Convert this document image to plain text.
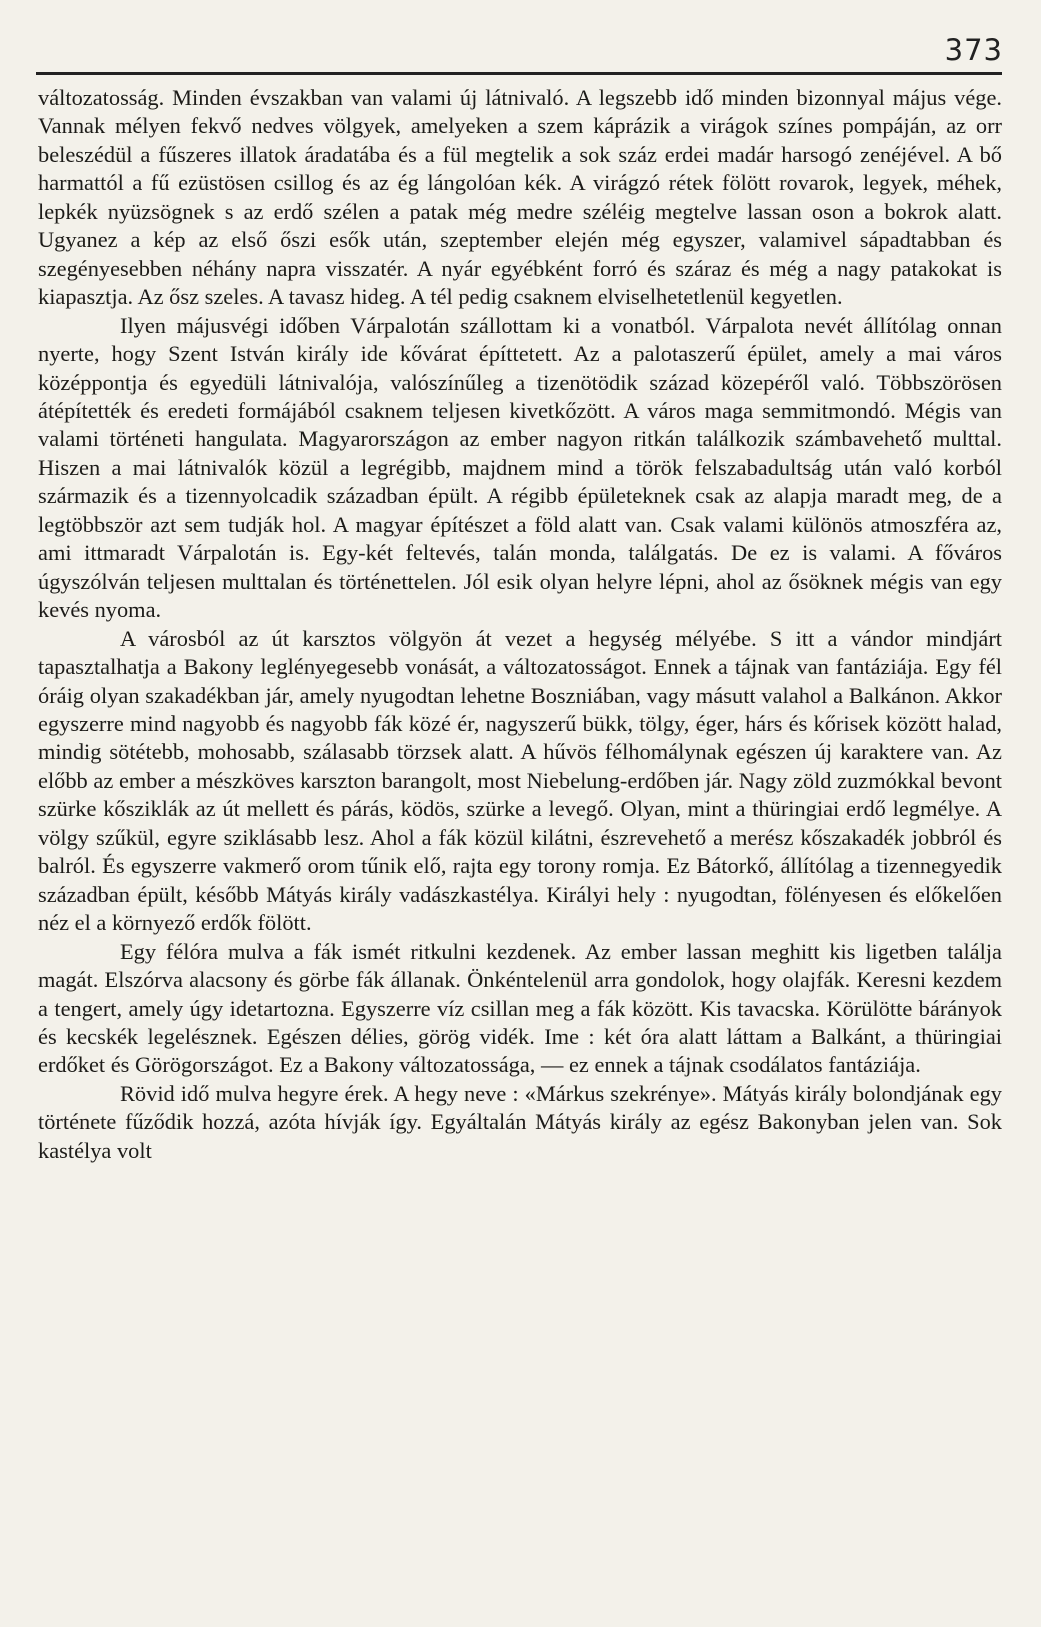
373

változatosság. Minden évszakban van valami új látnivaló. A legszebb idő minden bizonnyal május vége. Vannak mélyen fekvő nedves völgyek, amelyeken a szem káprázik a virágok színes pompáján, az orr beleszédül a fűszeres illatok áradatába és a fül megtelik a sok száz erdei madár harsogó zenéjével. A bő harmattól a fű ezüstösen csillog és az ég lángolóan kék. A virágzó rétek fölött rovarok, legyek, méhek, lepkék nyüzsögnek s az erdő szélen a patak még medre széléig megtelve lassan oson a bokrok alatt. Ugyanez a kép az első őszi esők után, szeptember elején még egyszer, valamivel sápadtabban és szegényesebben néhány napra visszatér. A nyár egyébként forró és száraz és még a nagy patakokat is kiapasztja. Az ősz szeles. A tavasz hideg. A tél pedig csaknem elviselhetetlenül kegyetlen.

Ilyen májusvégi időben Várpalotán szállottam ki a vonatból. Várpalota nevét állítólag onnan nyerte, hogy Szent István király ide kővárat építtetett. Az a palotaszerű épület, amely a mai város középpontja és egyedüli látnivalója, valószínűleg a tizenötödik század közepéről való. Többszörösen átépítették és eredeti formájából csaknem teljesen kivetkőzött. A város maga semmitmondó. Mégis van valami történeti hangulata. Magyarországon az ember nagyon ritkán találkozik számbavehető multtal. Hiszen a mai látnivalók közül a legrégibb, majdnem mind a török felszabadultság után való korból származik és a tizennyolcadik században épült. A régibb épületeknek csak az alapja maradt meg, de a legtöbbször azt sem tudják hol. A magyar építészet a föld alatt van. Csak valami különös atmoszféra az, ami ittmaradt Várpalotán is. Egy-két feltevés, talán monda, találgatás. De ez is valami. A főváros úgyszólván teljesen multtalan és történettelen. Jól esik olyan helyre lépni, ahol az ősöknek mégis van egy kevés nyoma.

A városból az út karsztos völgyön át vezet a hegység mélyébe. S itt a vándor mindjárt tapasztalhatja a Bakony leglényegesebb vonását, a változatosságot. Ennek a tájnak van fantáziája. Egy fél óráig olyan szakadékban jár, amely nyugodtan lehetne Boszniában, vagy másutt valahol a Balkánon. Akkor egyszerre mind nagyobb és nagyobb fák közé ér, nagyszerű bükk, tölgy, éger, hárs és kőrisek között halad, mindig sötétebb, mohosabb, szálasabb törzsek alatt. A hűvös félhomálynak egészen új karaktere van. Az előbb az ember a mészköves karszton barangolt, most Niebelung-erdőben jár. Nagy zöld zuzmókkal bevont szürke kősziklák az út mellett és párás, ködös, szürke a levegő. Olyan, mint a thüringiai erdő legmélye. A völgy szűkül, egyre sziklásabb lesz. Ahol a fák közül kilátni, észrevehető a merész kőszakadék jobbról és balról. És egyszerre vakmerő orom tűnik elő, rajta egy torony romja. Ez Bátorkő, állítólag a tizennegyedik században épült, később Mátyás király vadászkastélya. Királyi hely : nyugodtan, fölényesen és előkelően néz el a környező erdők fölött.

Egy félóra mulva a fák ismét ritkulni kezdenek. Az ember lassan meghitt kis ligetben találja magát. Elszórva alacsony és görbe fák állanak. Önkéntelenül arra gondolok, hogy olajfák. Keresni kezdem a tengert, amely úgy idetartozna. Egyszerre víz csillan meg a fák között. Kis tavacska. Körülötte bárányok és kecskék legelésznek. Egészen délies, görög vidék. Ime : két óra alatt láttam a Balkánt, a thüringiai erdőket és Görögországot. Ez a Bakony változatossága, — ez ennek a tájnak csodálatos fantáziája.

Rövid idő mulva hegyre érek. A hegy neve : «Márkus szekrénye». Mátyás király bolondjának egy története fűződik hozzá, azóta hívják így. Egyáltalán Mátyás király az egész Bakonyban jelen van. Sok kastélya volt
